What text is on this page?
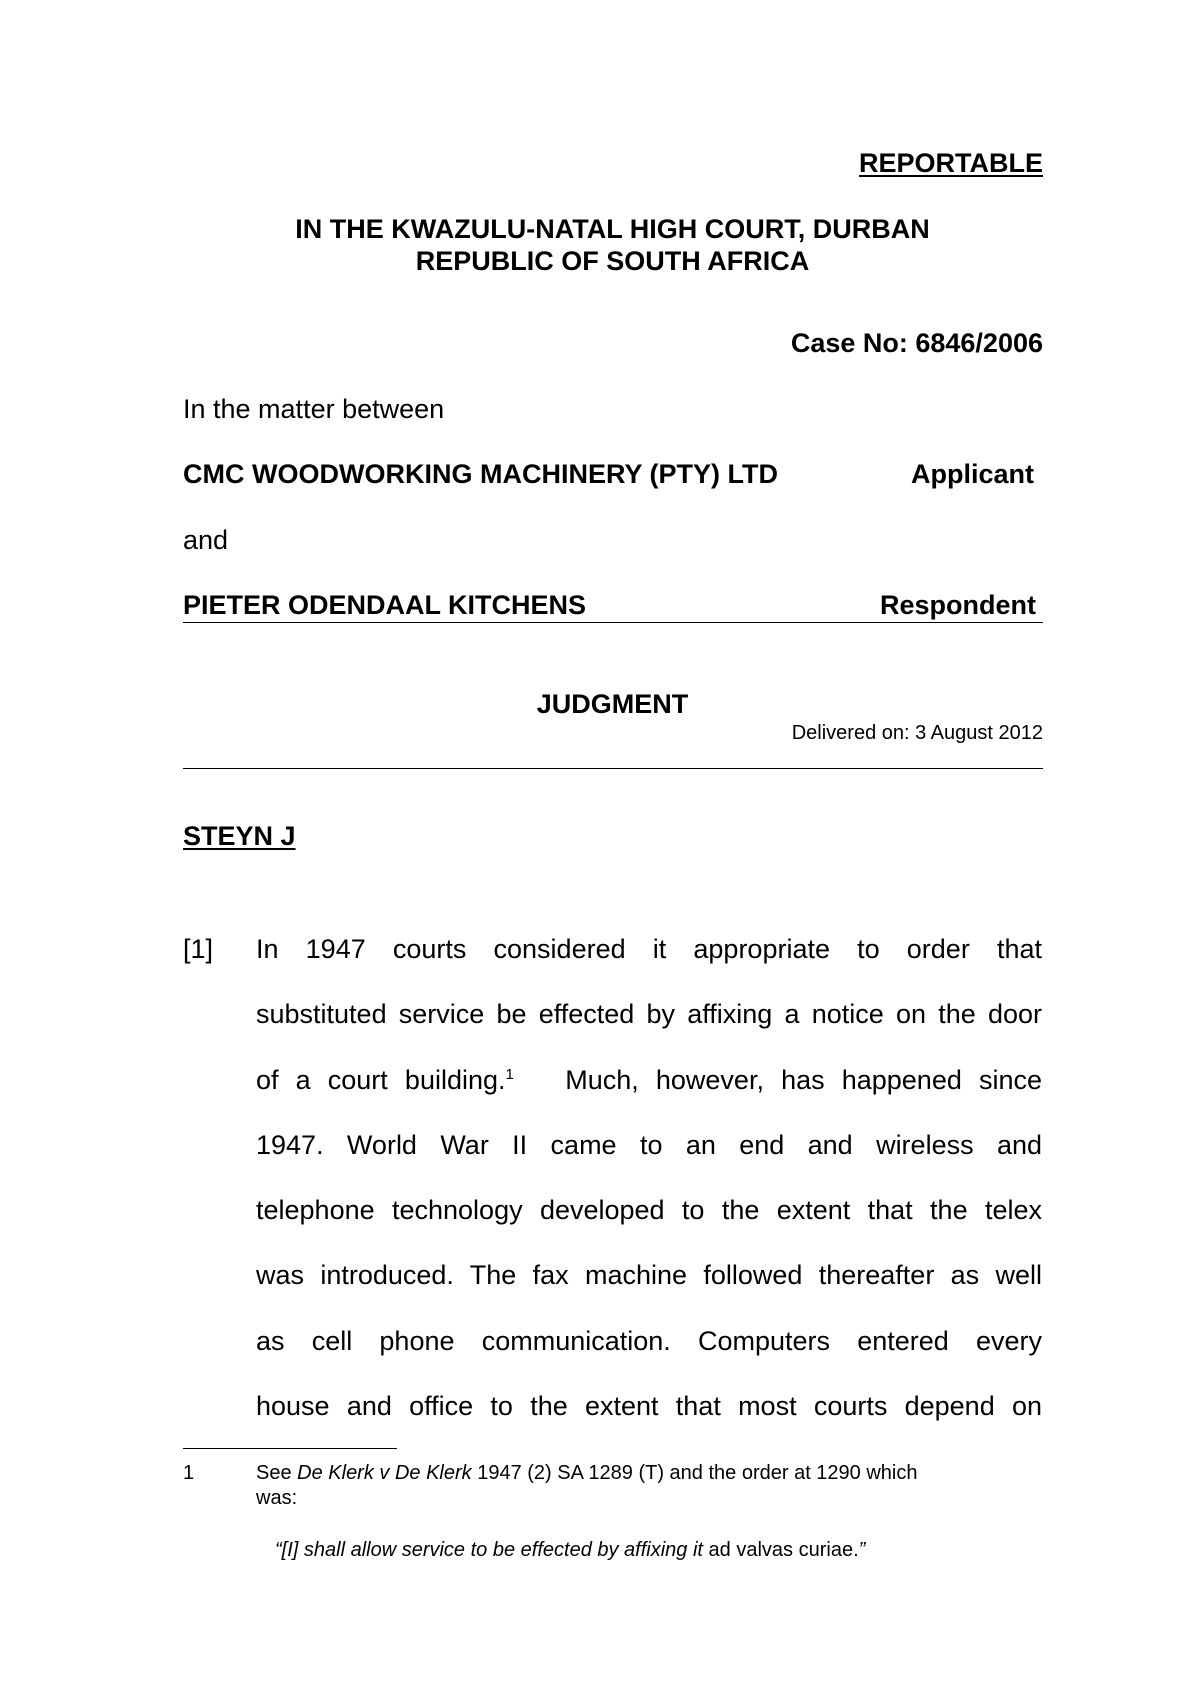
REPORTABLE
IN THE KWAZULU-NATAL HIGH COURT, DURBAN
REPUBLIC OF SOUTH AFRICA
Case No: 6846/2006
In the matter between
CMC WOODWORKING MACHINERY (PTY) LTD	Applicant
and
PIETER ODENDAAL KITCHENS	Respondent
JUDGMENT
Delivered on: 3 August 2012
STEYN J
[1] In 1947 courts considered it appropriate to order that
substituted service be effected by affixing a notice on the door
of a court building.$^1$ Much, however, has happened since
1947. World War II came to an end and wireless and
telephone technology developed to the extent that the telex
was introduced. The fax machine followed thereafter as well
as cell phone communication. Computers entered every
house and office to the extent that most courts depend on
1	See De Klerk v De Klerk 1947 (2) SA 1289 (T) and the order at 1290 which
was:
“[I] shall allow service to be effected by affixing it ad valvas curiae.”
